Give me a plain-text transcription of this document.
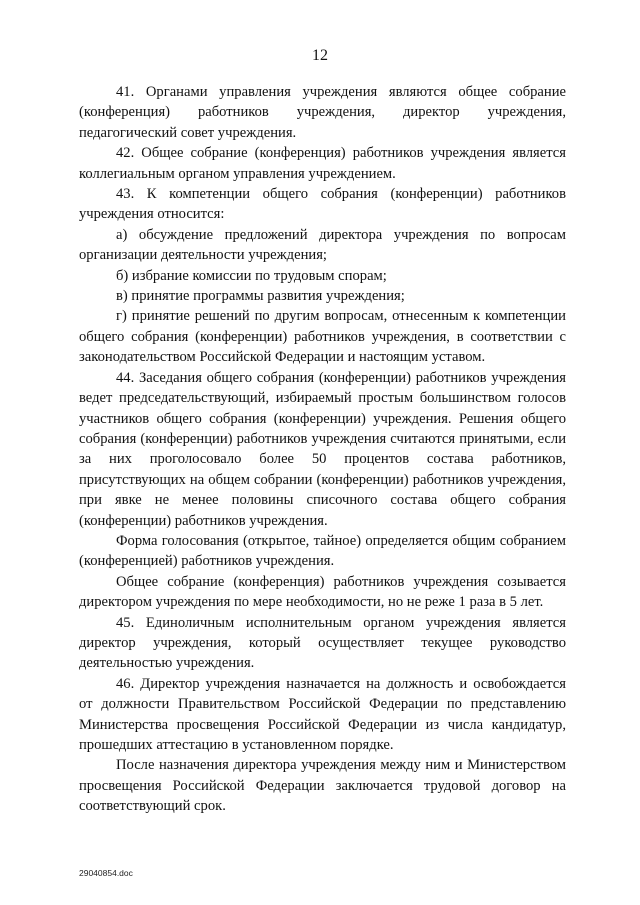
12

41. Органами управления учреждения являются общее собрание (конференция) работников учреждения, директор учреждения, педагогический совет учреждения.

42. Общее собрание (конференция) работников учреждения является коллегиальным органом управления учреждением.

43. К компетенции общего собрания (конференции) работников учреждения относится:

а) обсуждение предложений директора учреждения по вопросам организации деятельности учреждения;

б) избрание комиссии по трудовым спорам;

в) принятие программы развития учреждения;

г) принятие решений по другим вопросам, отнесенным к компетенции общего собрания (конференции) работников учреждения, в соответствии с законодательством Российской Федерации и настоящим уставом.

44. Заседания общего собрания (конференции) работников учреждения ведет председательствующий, избираемый простым большинством голосов участников общего собрания (конференции) учреждения. Решения общего собрания (конференции) работников учреждения считаются принятыми, если за них проголосовало более 50 процентов состава работников, присутствующих на общем собрании (конференции) работников учреждения, при явке не менее половины списочного состава общего собрания (конференции) работников учреждения.

Форма голосования (открытое, тайное) определяется общим собранием (конференцией) работников учреждения.

Общее собрание (конференция) работников учреждения созывается директором учреждения по мере необходимости, но не реже 1 раза в 5 лет.

45. Единоличным исполнительным органом учреждения является директор учреждения, который осуществляет текущее руководство деятельностью учреждения.

46. Директор учреждения назначается на должность и освобождается от должности Правительством Российской Федерации по представлению Министерства просвещения Российской Федерации из числа кандидатур, прошедших аттестацию в установленном порядке.

После назначения директора учреждения между ним и Министерством просвещения Российской Федерации заключается трудовой договор на соответствующий срок.

29040854.doc
